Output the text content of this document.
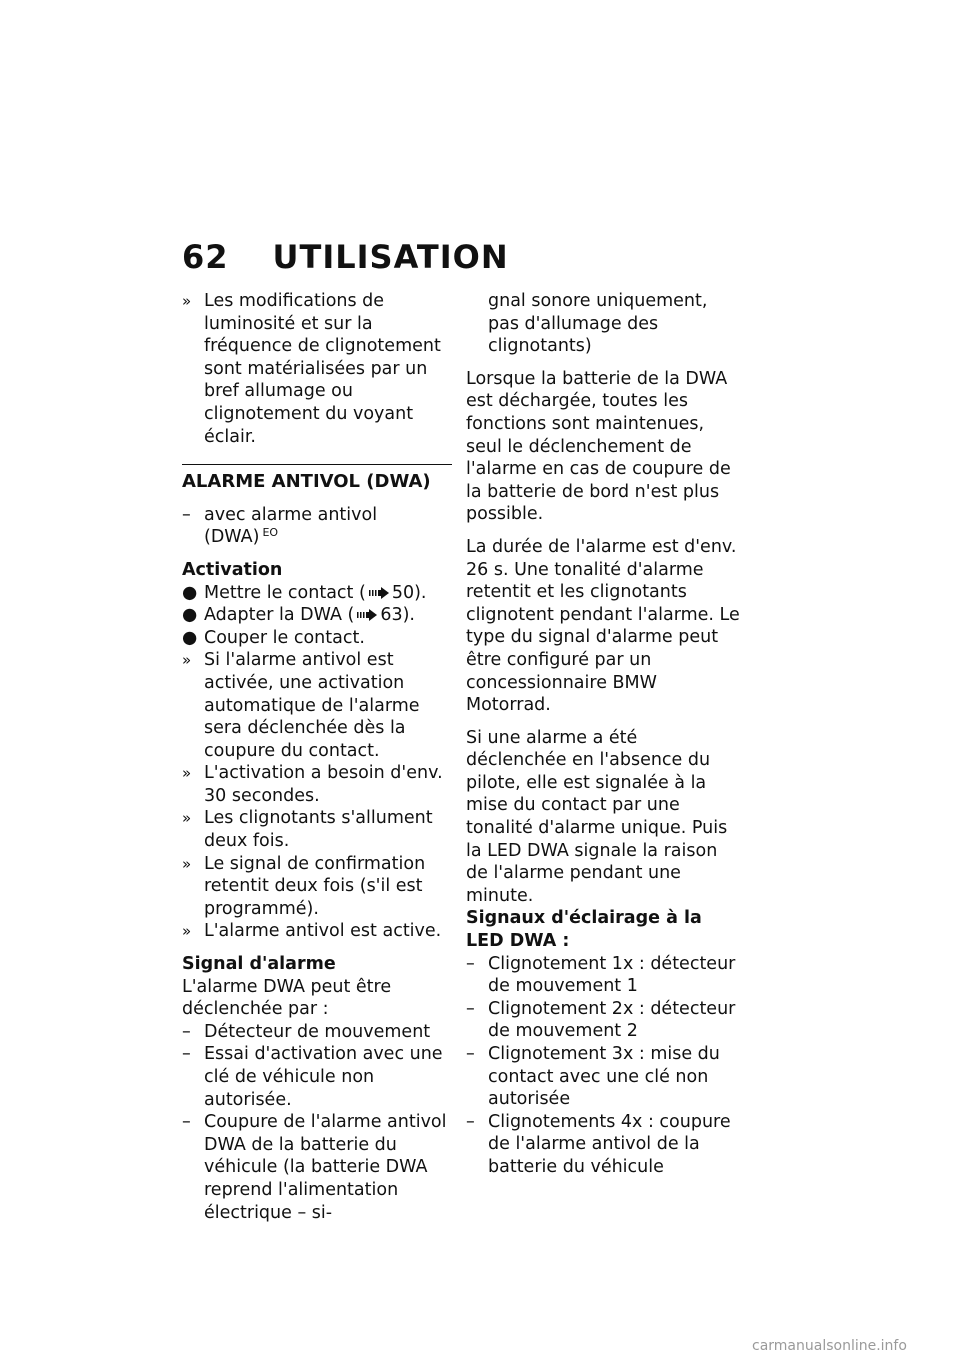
62 UTILISATION
» Les modifications de luminosité et sur la fréquence de clignotement sont matérialisées par un bref allumage ou clignotement du voyant éclair.
ALARME ANTIVOL (DWA)
– avec alarme antivol (DWA) $^{EO}$
Activation
● Mettre le contact ( 50).
● Adapter la DWA ( 63).
● Couper le contact.
» Si l'alarme antivol est activée, une activation automatique de l'alarme sera déclenchée dès la coupure du contact.
» L'activation a besoin d'env. 30 secondes.
» Les clignotants s'allument deux fois.
» Le signal de confirmation retentit deux fois (s'il est programmé).
» L'alarme antivol est active.
Signal d'alarme

L'alarme DWA peut être déclenchée par :

– Détecteur de mouvement
– Essai d'activation avec une clé de véhicule non autorisée.
– Coupure de l'alarme antivol DWA de la batterie du véhicule (la batterie DWA reprend l'alimentation électrique – si-
gnal sonore uniquement, pas d'allumage des clignotants)

Lorsque la batterie de la DWA est déchargée, toutes les fonctions sont maintenues, seul le déclenchement de l'alarme en cas de coupure de la batterie de bord n'est plus possible.

La durée de l'alarme est d'env. 26 s. Une tonalité d'alarme retentit et les clignotants clignotent pendant l'alarme. Le type du signal d'alarme peut être configuré par un concessionnaire BMW Motorrad.

Si une alarme a été déclenchée en l'absence du pilote, elle est signalée à la mise du contact par une tonalité d'alarme unique. Puis la LED DWA signale la raison de l'alarme pendant une minute.

Signaux d'éclairage à la LED DWA :
– Clignotement 1x : détecteur de mouvement 1
– Clignotement 2x : détecteur de mouvement 2
– Clignotement 3x : mise du contact avec une clé non autorisée
– Clignotements 4x : coupure de l'alarme antivol de la batterie du véhicule
carmanualsonline.info
